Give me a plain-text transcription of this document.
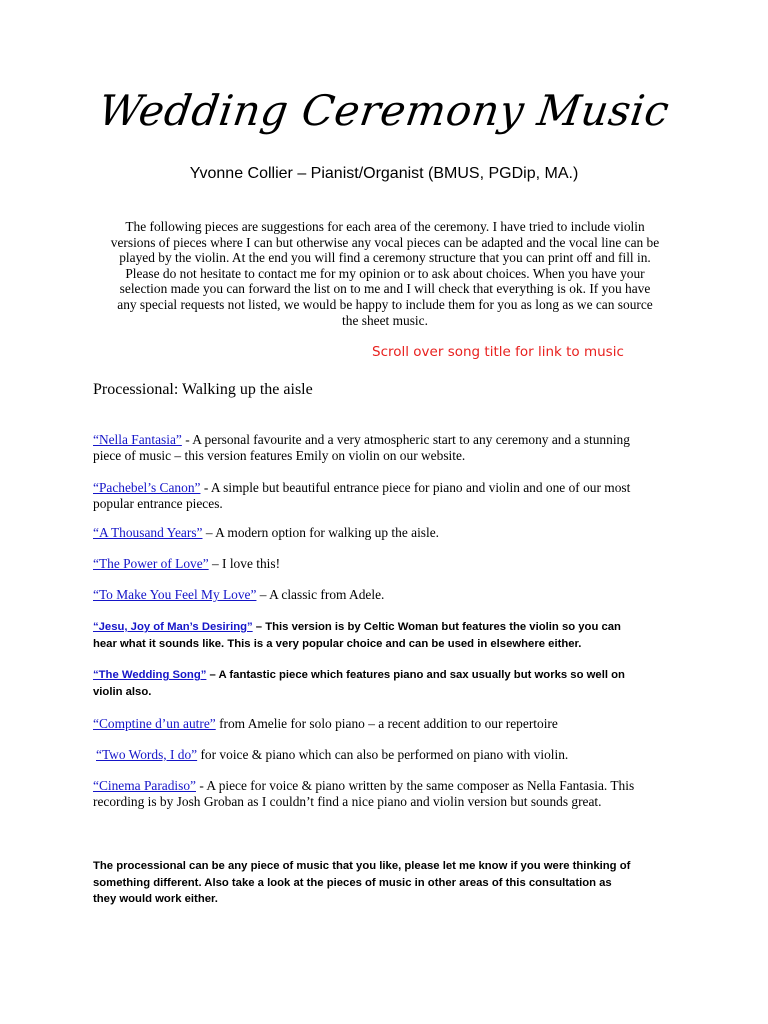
Wedding Ceremony Music
Yvonne Collier – Pianist/Organist (BMUS, PGDip, MA.)
The following pieces are suggestions for each area of the ceremony. I have tried to include violin
versions of pieces where I can but otherwise any vocal pieces can be adapted and the vocal line can be
played by the violin. At the end you will find a ceremony structure that you can print off and fill in.
Please do not hesitate to contact me for my opinion or to ask about choices. When you have your
selection made you can forward the list on to me and I will check that everything is ok. If you have
any special requests not listed, we would be happy to include them for you as long as we can source
the sheet music.
Scroll over song title for link to music
Processional: Walking up the aisle
“Nella Fantasia” - A personal favourite and a very atmospheric start to any ceremony and a stunning
piece of music – this version features Emily on violin on our website.
“Pachebel’s Canon” - A simple but beautiful entrance piece for piano and violin and one of our most
popular entrance pieces.
“A Thousand Years” – A modern option for walking up the aisle.
“The Power of Love” – I love this!
“To Make You Feel My Love” – A classic from Adele.
“Jesu, Joy of Man’s Desiring” – This version is by Celtic Woman but features the violin so you can
hear what it sounds like. This is a very popular choice and can be used in elsewhere either.
“The Wedding Song” – A fantastic piece which features piano and sax usually but works so well on
violin also.
“Comptine d’un autre” from Amelie for solo piano – a recent addition to our repertoire
“Two Words, I do” for voice & piano which can also be performed on piano with violin.
“Cinema Paradiso” - A piece for voice & piano written by the same composer as Nella Fantasia. This
recording is by Josh Groban as I couldn’t find a nice piano and violin version but sounds great.
The processional can be any piece of music that you like, please let me know if you were thinking of
something different. Also take a look at the pieces of music in other areas of this consultation as
they would work either.
